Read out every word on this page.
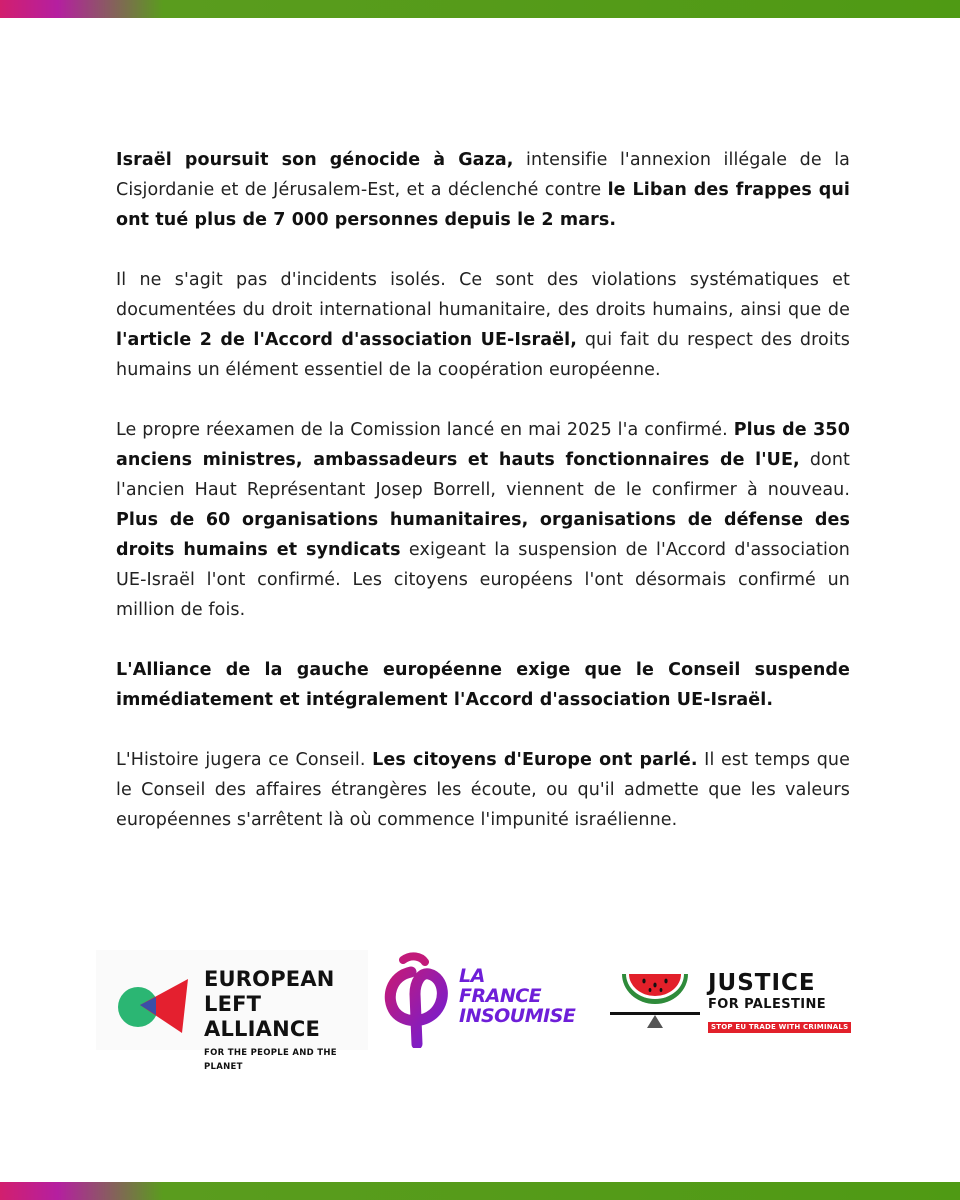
Israël poursuit son génocide à Gaza, intensifie l'annexion illégale de la Cisjordanie et de Jérusalem-Est, et a déclenché contre le Liban des frappes qui ont tué plus de 7 000 personnes depuis le 2 mars.

Il ne s'agit pas d'incidents isolés. Ce sont des violations systématiques et documentées du droit international humanitaire, des droits humains, ainsi que de l'article 2 de l'Accord d'association UE-Israël, qui fait du respect des droits humains un élément essentiel de la coopération européenne.

Le propre réexamen de la Comission lancé en mai 2025 l'a confirmé. Plus de 350 anciens ministres, ambassadeurs et hauts fonctionnaires de l'UE, dont l'ancien Haut Représentant Josep Borrell, viennent de le confirmer à nouveau. Plus de 60 organisations humanitaires, organisations de défense des droits humains et syndicats exigeant la suspension de l'Accord d'association UE-Israël l'ont confirmé. Les citoyens européens l'ont désormais confirmé un million de fois.

L'Alliance de la gauche européenne exige que le Conseil suspende immédiatement et intégralement l'Accord d'association UE-Israël.

L'Histoire jugera ce Conseil. Les citoyens d'Europe ont parlé. Il est temps que le Conseil des affaires étrangères les écoute, ou qu'il admette que les valeurs européennes s'arrêtent là où commence l'impunité israélienne.

EUROPEAN
LEFT ALLIANCE
FOR THE PEOPLE AND THE PLANET
LA
FRANCE
INSOUMISE
JUSTICE
FOR PALESTINE
STOP EU TRADE WITH CRIMINALS
